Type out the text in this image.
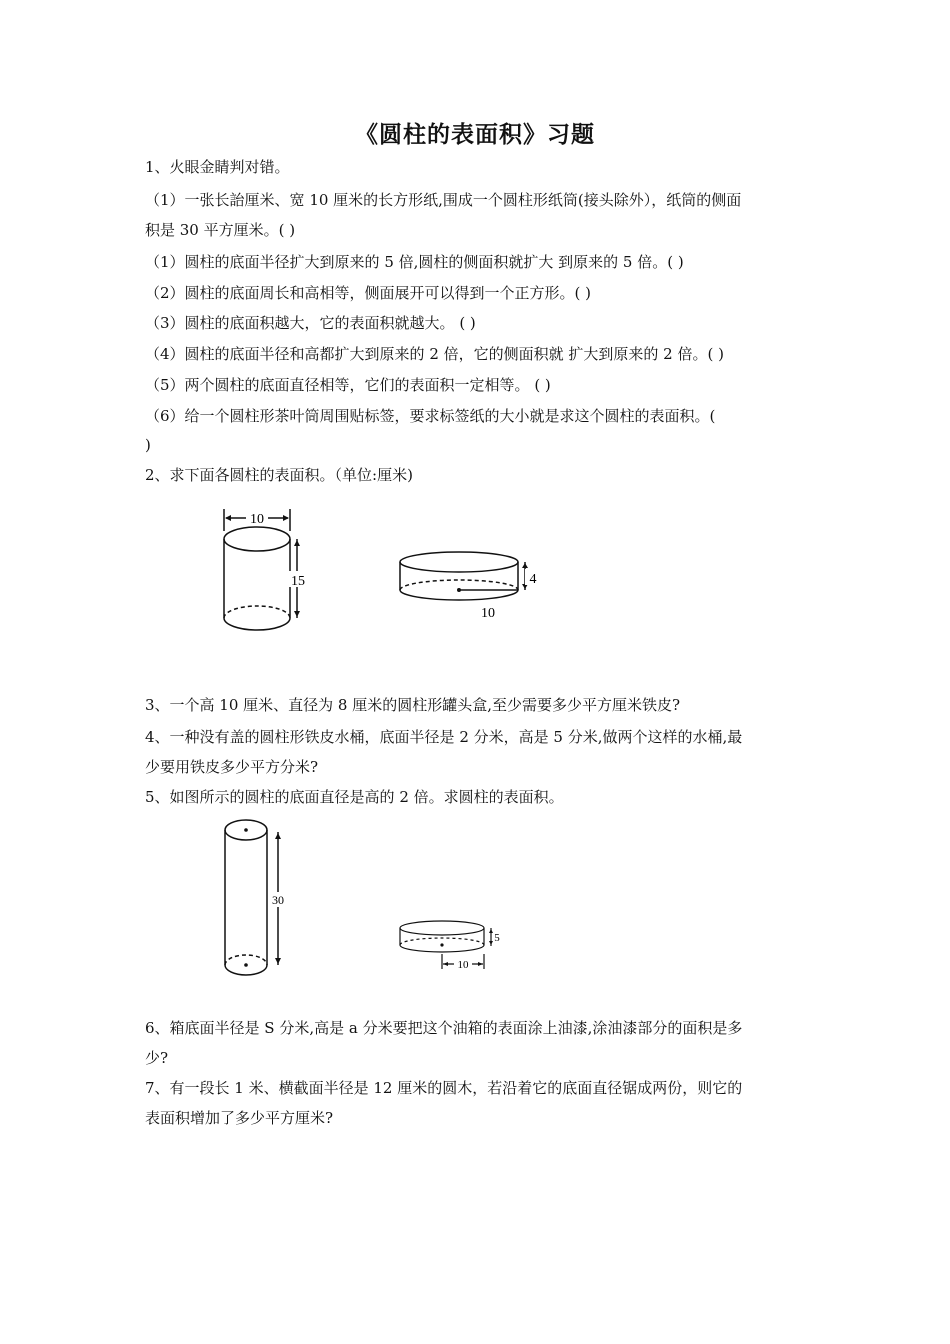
《圆柱的表面积》习题
1、火眼金睛判对错。
（1）一张长詒厘米、宽 10 厘米的长方形纸,围成一个圆柱形纸筒(接头除外），纸筒的侧面
积是 30 平方厘米。( )
（1）圆柱的底面半径扩大到原来的 5 倍,圆柱的侧面积就扩大 到原来的 5 倍。( )
（2）圆柱的底面周长和高相等，侧面展开可以得到一个正方形。( )
（3）圆柱的底面积越大，它的表面积就越大。 ( )
（4）圆柱的底面半径和高都扩大到原来的 2 倍，它的侧面积就 扩大到原来的 2 倍。( )
（5）两个圆柱的底面直径相等，它们的表面积一定相等。 ( )
（6）给一个圆柱形茶叶筒周围贴标签，要求标签纸的大小就是求这个圆柱的表面积。(
)
2、求下面各圆柱的表面积。（单位:厘米)
10
15	4
10
3、一个高 10 厘米、直径为 8 厘米的圆柱形罐头盒,至少需要多少平方厘米铁皮?
4、一种没有盖的圆柱形铁皮水桶，底面半径是 2 分米，高是 5 分米,做两个这样的水桶,最
少要用铁皮多少平方分米?
5、如图所示的圆柱的底面直径是高的 2 倍。求圆柱的表面积。
30
5
10
6、箱底面半径是 S 分米,高是 a 分米要把这个油箱的表面涂上油漆,涂油漆部分的面积是多
少?
7、有一段长 1 米、横截面半径是 12 厘米的圆木，若沿着它的底面直径锯成两份，则它的
表面积增加了多少平方厘米?
